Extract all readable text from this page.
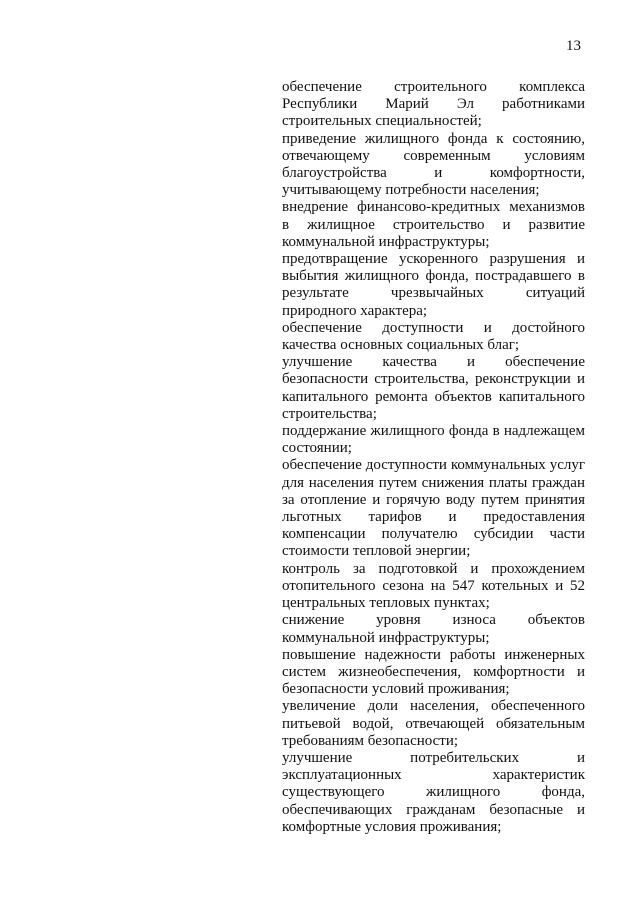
13

обеспечение строительного комплекса Республики Марий Эл работниками строительных специальностей;

приведение жилищного фонда к состоянию, отвечающему современным условиям благоустройства и комфортности, учитывающему потребности населения;

внедрение финансово-кредитных механизмов в жилищное строительство и развитие коммунальной инфраструктуры;

предотвращение ускоренного разрушения и выбытия жилищного фонда, пострадавшего в результате чрезвычайных ситуаций природного характера;

обеспечение доступности и достойного качества основных социальных благ;

улучшение качества и обеспечение безопасности строительства, реконструкции и капитального ремонта объектов капитального строительства;

поддержание жилищного фонда в надлежащем состоянии;

обеспечение доступности коммунальных услуг для населения путем снижения платы граждан за отопление и горячую воду путем принятия льготных тарифов и предоставления компенсации получателю субсидии части стоимости тепловой энергии;

контроль за подготовкой и прохождением отопительного сезона на 547 котельных и 52 центральных тепловых пунктах;

снижение уровня износа объектов коммунальной инфраструктуры;

повышение надежности работы инженерных систем жизнеобеспечения, комфортности и безопасности условий проживания;

увеличение доли населения, обеспеченного питьевой водой, отвечающей обязательным требованиям безопасности;

улучшение потребительских и эксплуатационных характеристик существующего жилищного фонда, обеспечивающих гражданам безопасные и комфортные условия проживания;
